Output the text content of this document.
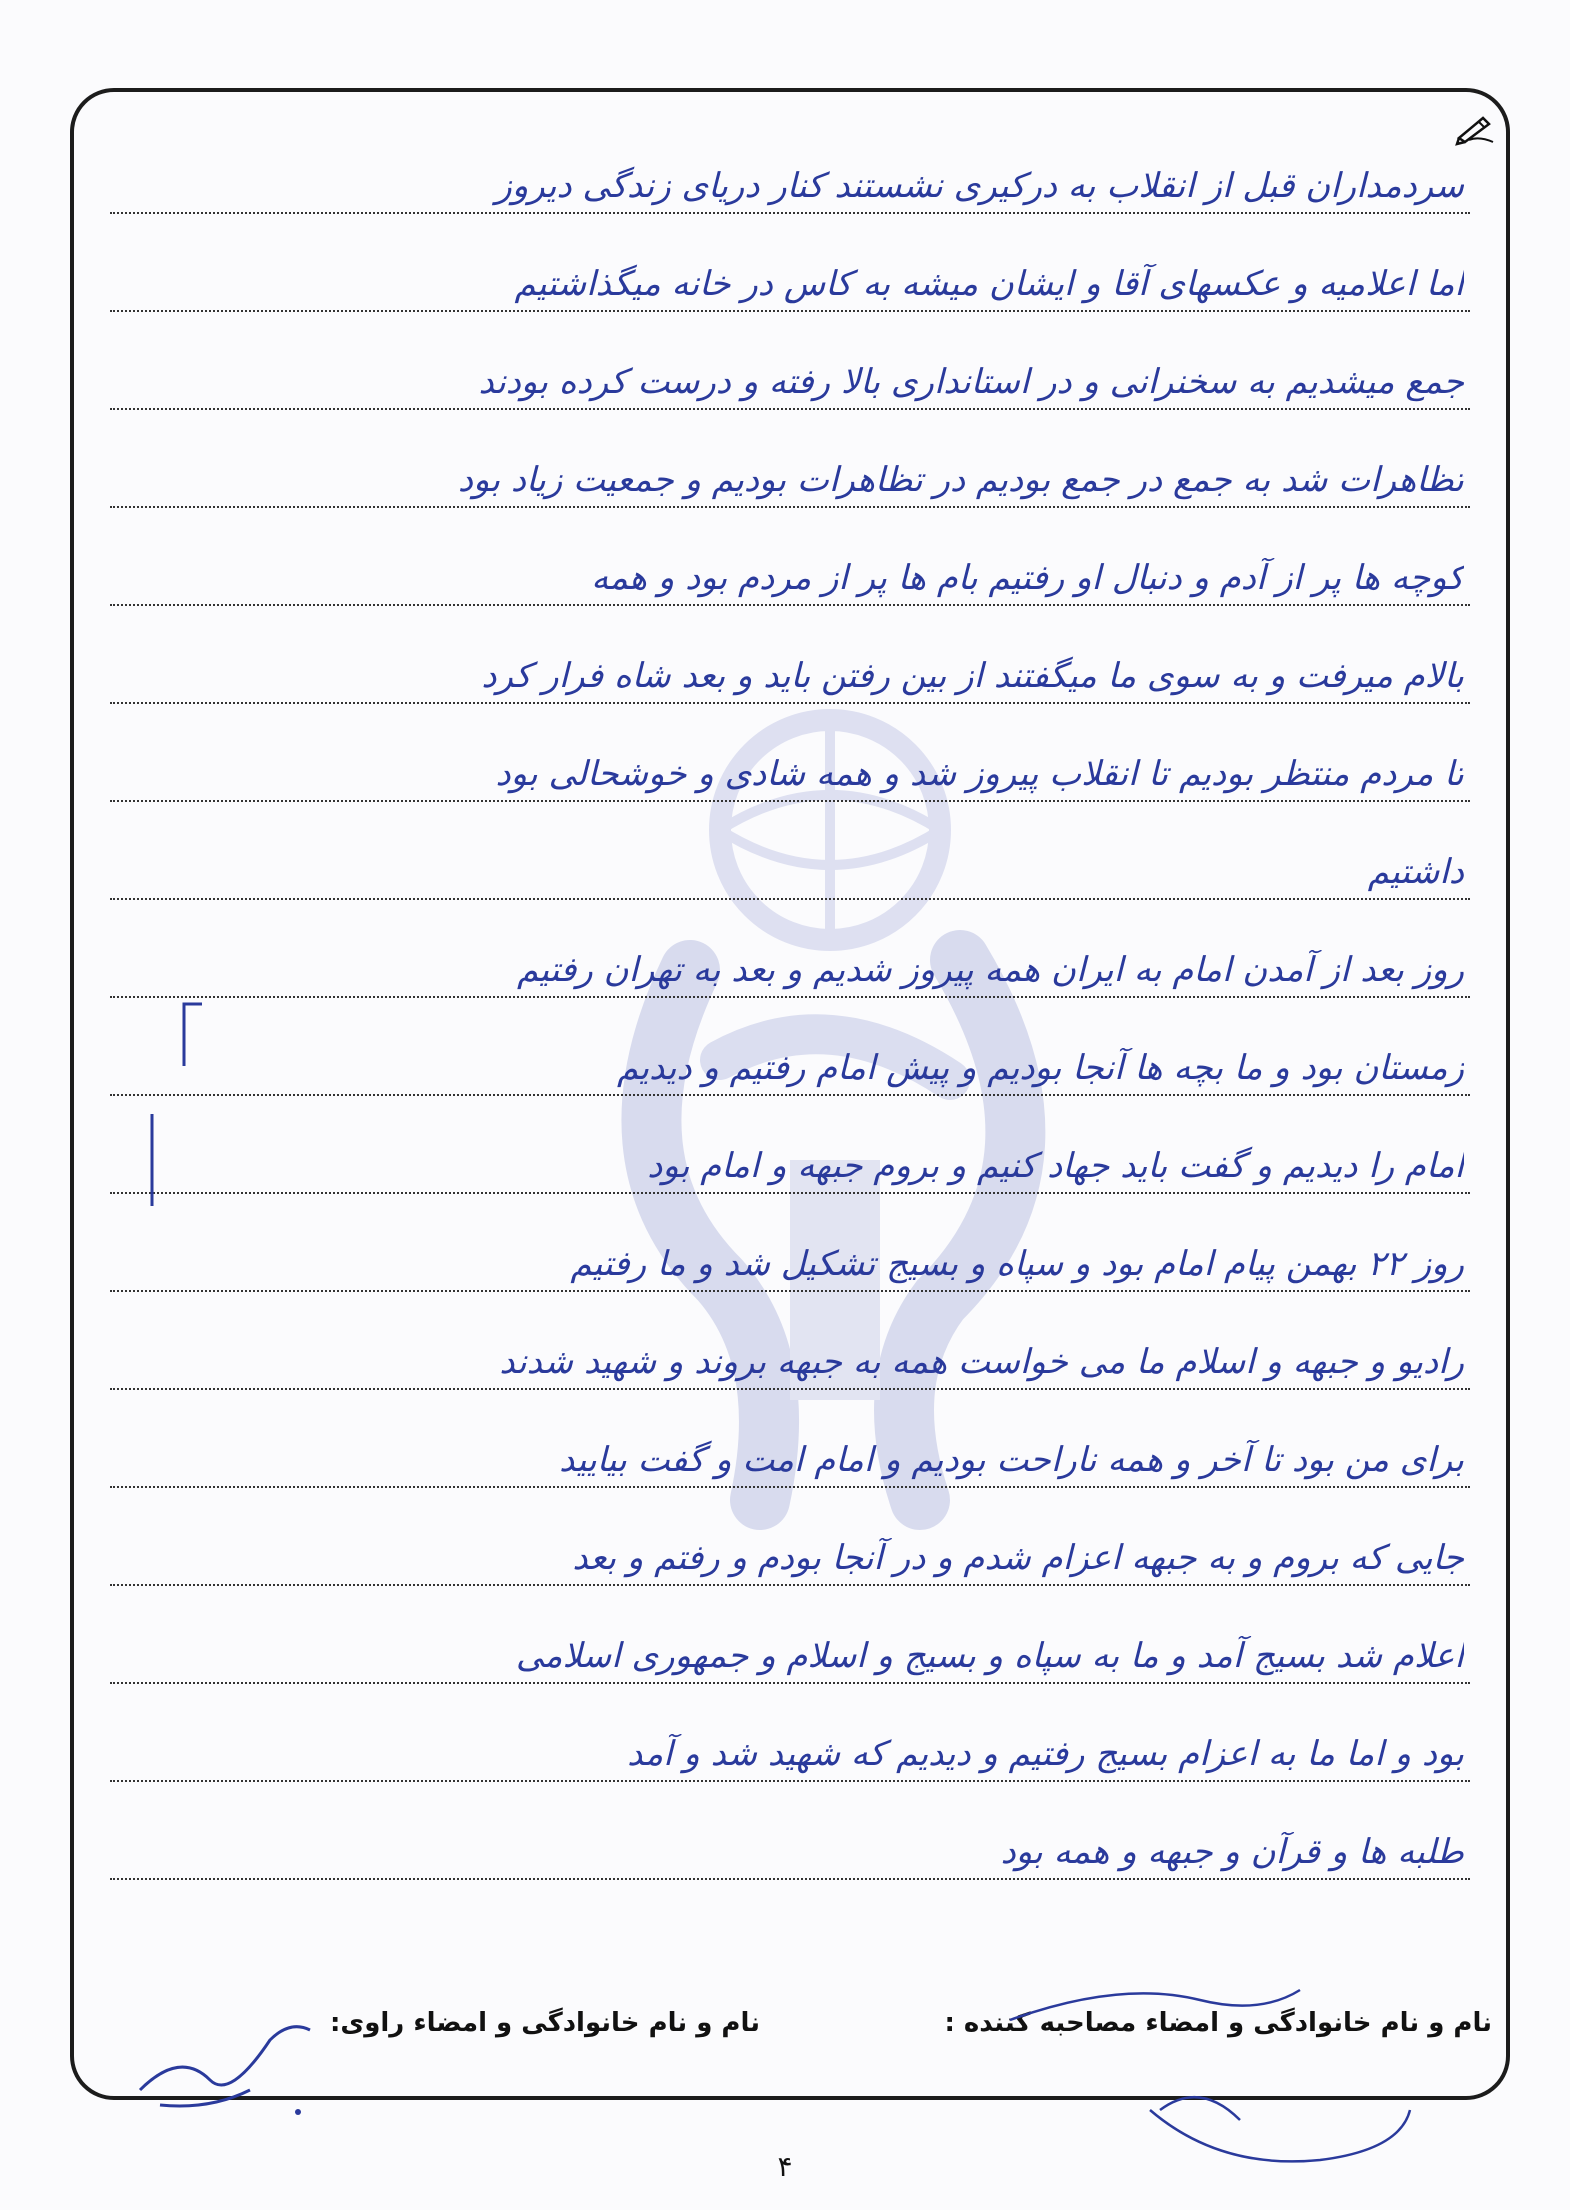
سردمداران قبل از انقلاب به درکیری نشستند کنار دریای زندگی دیروز
اما اعلامیه و عکسهای آقا و ایشان میشه به کاس در خانه میگذاشتیم
جمع میشدیم به سخنرانی و در استانداری بالا رفته و درست کرده بودند
تظاهرات شد به جمع در جمع بودیم در تظاهرات بودیم و جمعیت زیاد بود
کوچه ها پر از آدم و دنبال او رفتیم بام ها پر از مردم بود و همه
بالام میرفت و به سوی ما میگفتند از بین رفتن باید و بعد شاه فرار کرد
تا مردم منتظر بودیم تا انقلاب پیروز شد و همه شادی و خوشحالی بود
داشتیم
روز بعد از آمدن امام به ایران همه پیروز شدیم و بعد به تهران رفتیم
زمستان بود و ما بچه ها آنجا بودیم و پیش امام رفتیم و دیدیم
امام را دیدیم و گفت باید جهاد کنیم و بروم جبهه و امام بود
روز ۲۲ بهمن پیام امام بود و سپاه و بسیج تشکیل شد و ما رفتیم
رادیو و جبهه و اسلام ما می خواست همه به جبهه بروند و شهید شدند
برای من بود تا آخر و همه ناراحت بودیم و امام امت و گفت بیایید
جایی که بروم و به جبهه اعزام شدم و در آنجا بودم و رفتم و بعد
اعلام شد بسیج آمد و ما به سپاه و بسیج و اسلام و جمهوری اسلامی
بود و اما ما به اعزام بسیج رفتیم و دیدیم که شهید شد و آمد
طلبه ها و قرآن و جبهه و همه بود
نام و نام خانوادگی و امضاء مصاحبه کننده :
نام و نام خانوادگی و امضاء راوی:
۴
